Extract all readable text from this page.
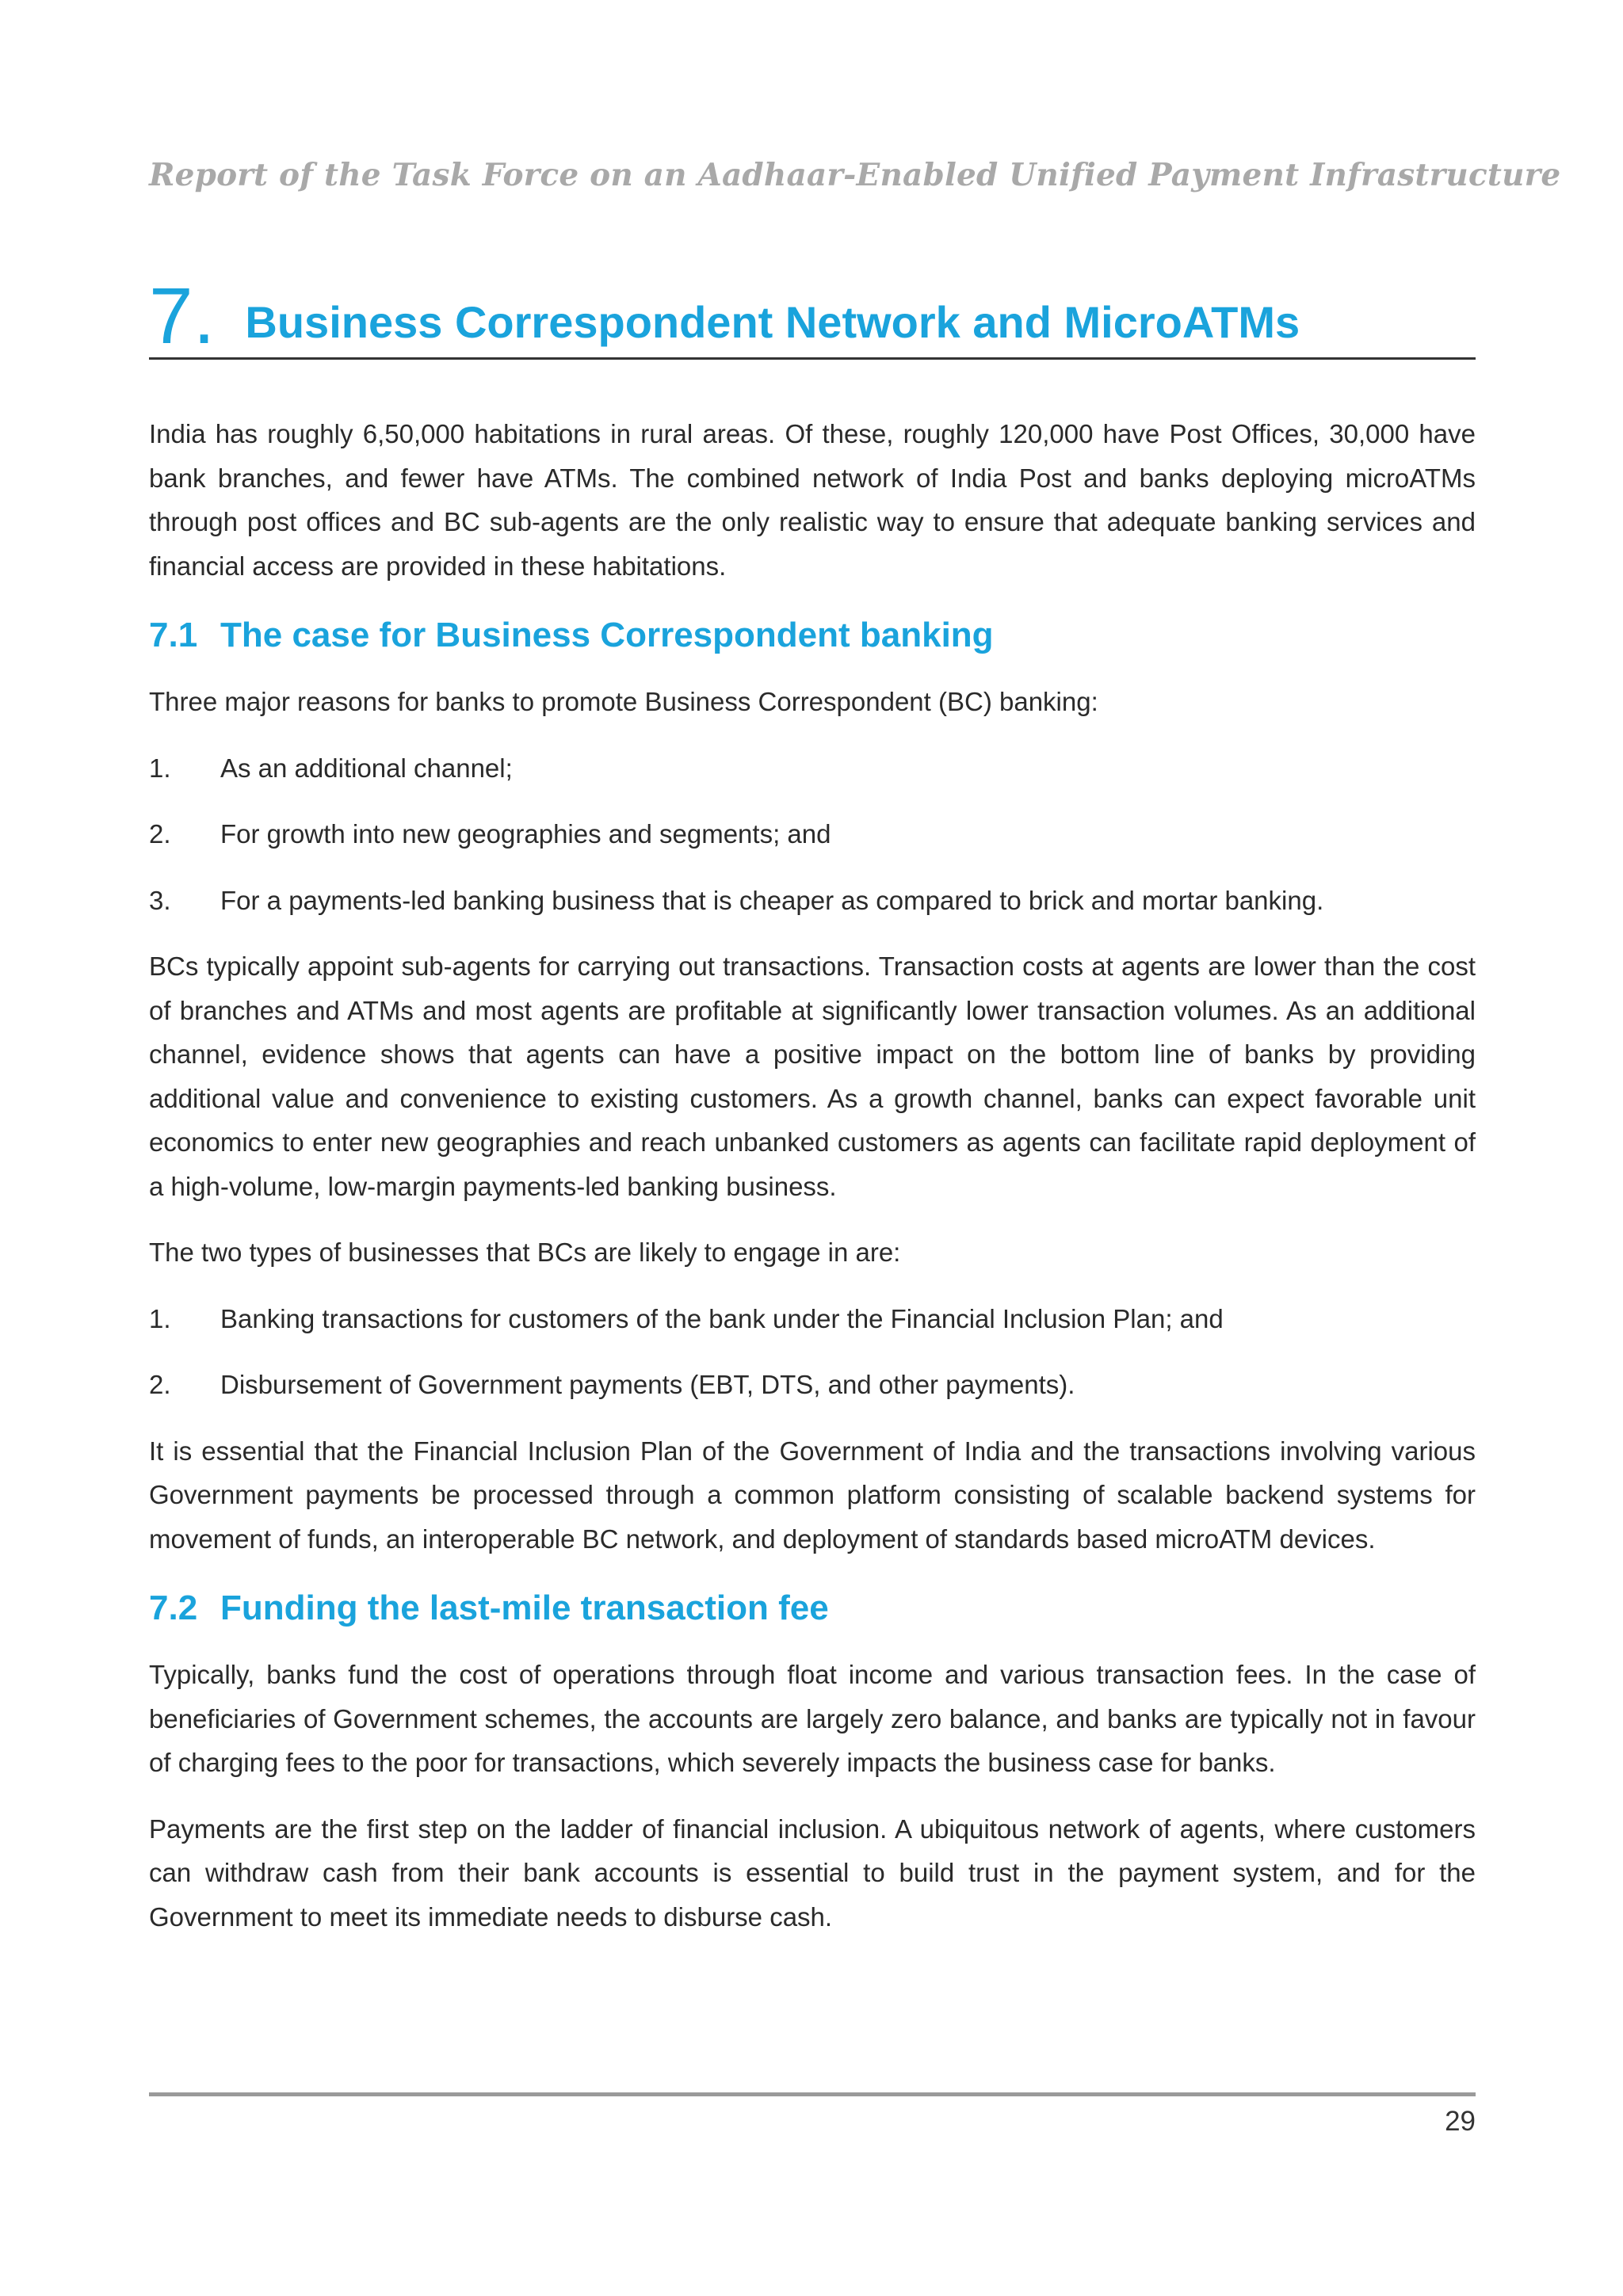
Report of the Task Force on an Aadhaar-Enabled Unified Payment Infrastructure
7. Business Correspondent Network and MicroATMs

India has roughly 6,50,000 habitations in rural areas. Of these, roughly 120,000 have Post Offices, 30,000 have bank branches, and fewer have ATMs. The combined network of India Post and banks deploying microATMs through post offices and BC sub-agents are the only realistic way to ensure that adequate banking services and financial access are provided in these habitations.

7.1 The case for Business Correspondent banking

Three major reasons for banks to promote Business Correspondent (BC) banking:

1.	As an additional channel;
2.	For growth into new geographies and segments; and
3.	For a payments-led banking business that is cheaper as compared to brick and mortar banking.

BCs typically appoint sub-agents for carrying out transactions. Transaction costs at agents are lower than the cost of branches and ATMs and most agents are profitable at significantly lower transaction volumes. As an additional channel, evidence shows that agents can have a positive impact on the bottom line of banks by providing additional value and convenience to existing customers. As a growth channel, banks can expect favorable unit economics to enter new geographies and reach unbanked customers as agents can facilitate rapid deployment of a high-volume, low-margin payments-led banking business.

The two types of businesses that BCs are likely to engage in are:

1.	Banking transactions for customers of the bank under the Financial Inclusion Plan; and
2.	Disbursement of Government payments (EBT, DTS, and other payments).

It is essential that the Financial Inclusion Plan of the Government of India and the transactions involving various Government payments be processed through a common platform consisting of scalable backend systems for movement of funds, an interoperable BC network, and deployment of standards based microATM devices.

7.2 Funding the last-mile transaction fee

Typically, banks fund the cost of operations through float income and various transaction fees. In the case of beneficiaries of Government schemes, the accounts are largely zero balance, and banks are typically not in favour of charging fees to the poor for transactions, which severely impacts the business case for banks.

Payments are the first step on the ladder of financial inclusion. A ubiquitous network of agents, where customers can withdraw cash from their bank accounts is essential to build trust in the payment system, and for the Government to meet its immediate needs to disburse cash.

29
